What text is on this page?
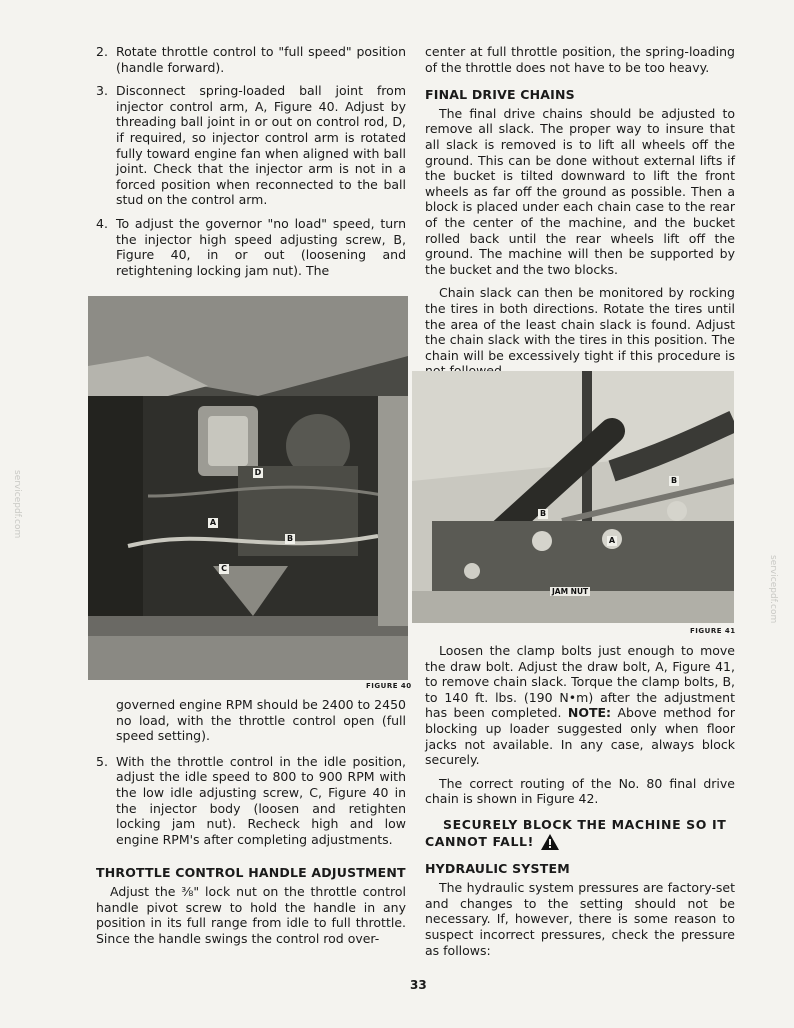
2. Rotate throttle control to "full speed" position (handle forward).
3. Disconnect spring-loaded ball joint from injector control arm, A, Figure 40. Adjust by threading ball joint in or out on control rod, D, if required, so injector control arm is rotated fully toward engine fan when aligned with ball joint. Check that the injector arm is not in a forced position when reconnected to the ball stud on the control arm.
4. To adjust the governor "no load" speed, turn the injector high speed adjusting screw, B, Figure 40, in or out (loosening and retightening locking jam nut). The
D
A
B
C
FIGURE 40

governed engine RPM should be 2400 to 2450 no load, with the throttle control open (full speed setting).

5. With the throttle control in the idle position, adjust the idle speed to 800 to 900 RPM with the low idle adjusting screw, C, Figure 40 in the injector body (loosen and retighten locking jam nut). Recheck high and low engine RPM's after completing adjustments.
THROTTLE CONTROL HANDLE ADJUSTMENT

Adjust the ⅜" lock nut on the throttle control handle pivot screw to hold the handle in any position in its full range from idle to full throttle. Since the handle swings the control rod over-

center at full throttle position, the spring-loading of the throttle does not have to be too heavy.

FINAL DRIVE CHAINS

The final drive chains should be adjusted to remove all slack. The proper way to insure that all slack is removed is to lift all wheels off the ground. This can be done without external lifts if the bucket is tilted downward to lift the front wheels as far off the ground as possible. Then a block is placed under each chain case to the rear of the center of the machine, and the bucket rolled back until the rear wheels lift off the ground. The machine will then be supported by the bucket and the two blocks.

Chain slack can then be monitored by rocking the tires in both directions. Rotate the tires until the area of the least chain slack is found. Adjust the chain slack with the tires in this position. The chain will be excessively tight if this procedure is

B
B
A
JAM NUT
FIGURE 41

Loosen the clamp bolts just enough to move the draw bolt. Adjust the draw bolt, A, Figure 41, to remove chain slack. Torque the clamp bolts, B, to 140 ft. lbs. (190 N•m) after the adjustment has been completed. NOTE: Above method for blocking up loader suggested only when floor jacks not available. In any case, always block securely.

The correct routing of the No. 80 final drive chain is shown in Figure 42.

SECURELY BLOCK THE MACHINE SO IT
CANNOT FALL!
HYDRAULIC SYSTEM

The hydraulic system pressures are factory-set and changes to the setting should not be necessary. If, however, there is some reason to suspect incorrect pressures, check the pressure as follows:

servicepdf.com
servicepdf.com
33
